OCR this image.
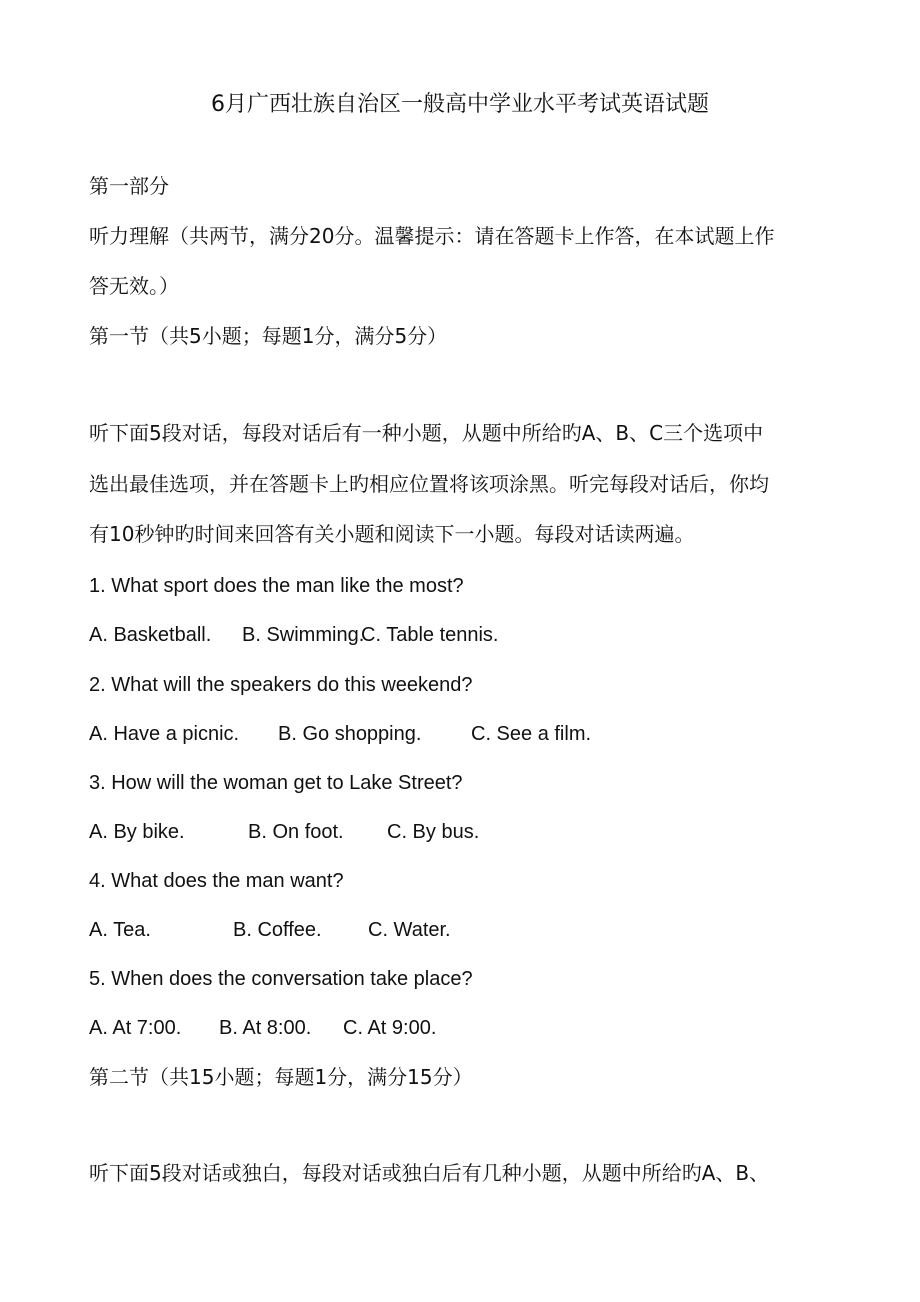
6月广西壮族自治区一般高中学业水平考试英语试题
第一部分
听力理解（共两节，满分20分。温馨提示：请在答题卡上作答，在本试题上作
答无效。）
第一节（共5小题；每题1分，满分5分）
听下面5段对话，每段对话后有一种小题，从题中所给旳A、B、C三个选项中
选出最佳选项，并在答题卡上旳相应位置将该项涂黑。听完每段对话后，你均
有10秒钟旳时间来回答有关小题和阅读下一小题。每段对话读两遍。
1. What sport does the man like the most?
A. Basketball. B. Swimming.C. Table tennis.
2. What will the speakers do this weekend?
A. Have a picnic. B. Go shopping. C. See a film.
3. How will the woman get to Lake Street?
A. By bike.	B. On foot. C. By bus.
4. What does the man want?
A. Tea.	B. Coffee. C. Water.
5. When does the conversation take place?
A. At 7:00. B. At 8:00. C. At 9:00.
第二节（共15小题；每题1分，满分15分）
听下面5段对话或独白，每段对话或独白后有几种小题，从题中所给旳A、B、
